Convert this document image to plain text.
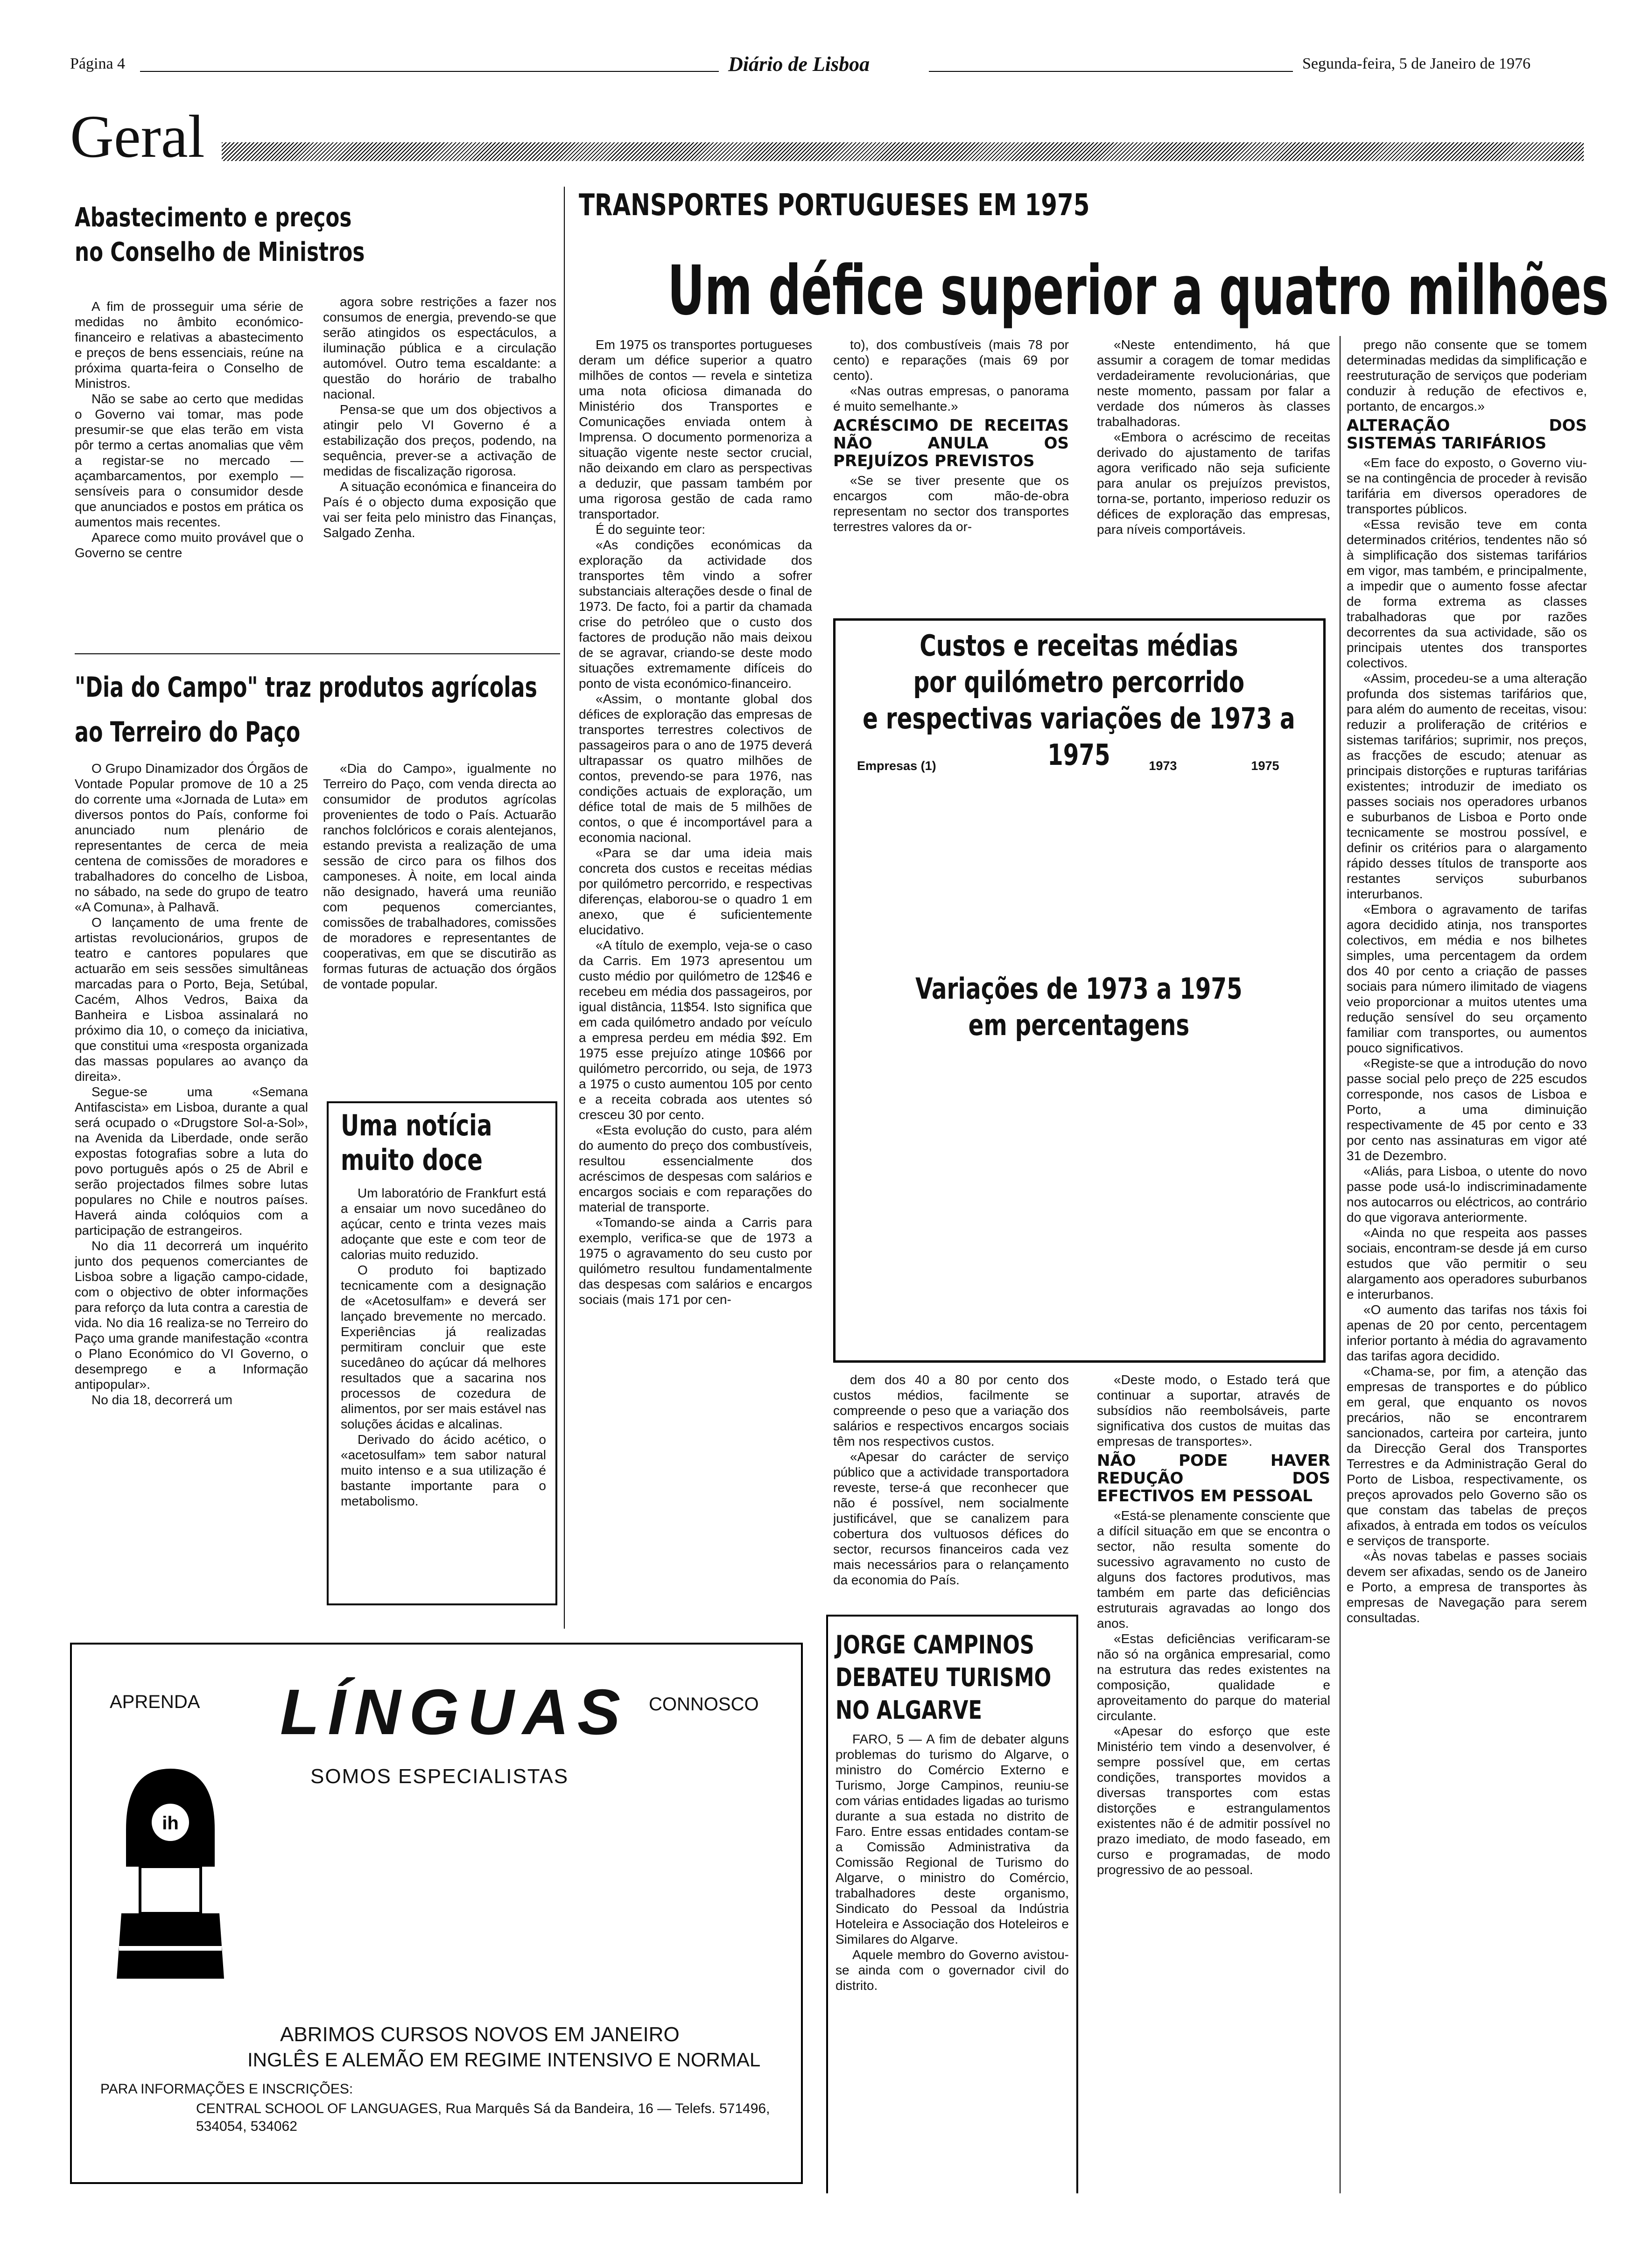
Página 4	Diário de Lisboa	Segunda-feira, 5 de Janeiro de 1976
Geral
Abastecimento e preços
no Conselho de Ministros

A fim de prosseguir uma série de medidas no âmbito económico-financeiro e relativas a abastecimento e preços de bens essenciais, reúne na próxima quarta-feira o Conselho de Ministros.

Não se sabe ao certo que medidas o Governo vai tomar, mas pode presumir-se que elas terão em vista pôr termo a certas anomalias que vêm a registar-se no mercado — açambarcamentos, por exemplo — sensíveis para o consumidor desde que anunciados e postos em prática os aumentos mais recentes.

Aparece como muito provável que o Governo se centre

agora sobre restrições a fazer nos consumos de energia, prevendo-se que serão atingidos os espectáculos, a iluminação pública e a circulação automóvel. Outro tema escaldante: a questão do horário de trabalho nacional.

Pensa-se que um dos objectivos a atingir pelo VI Governo é a estabilização dos preços, podendo, na sequência, prever-se a activação de medidas de fiscalização rigorosa.

A situação económica e financeira do País é o objecto duma exposição que vai ser feita pelo ministro das Finanças, Salgado Zenha.

"Dia do Campo" traz produtos agrícolas
ao Terreiro do Paço

O Grupo Dinamizador dos Órgãos de Vontade Popular promove de 10 a 25 do corrente uma «Jornada de Luta» em diversos pontos do País, conforme foi anunciado num plenário de representantes de cerca de meia centena de comissões de moradores e trabalhadores do concelho de Lisboa, no sábado, na sede do grupo de teatro «A Comuna», à Palhavã.

O lançamento de uma frente de artistas revolucionários, grupos de teatro e cantores populares que actuarão em seis sessões simultâneas marcadas para o Porto, Beja, Setúbal, Cacém, Alhos Vedros, Baixa da Banheira e Lisboa assinalará no próximo dia 10, o começo da iniciativa, que constitui uma «resposta organizada das massas populares ao avanço da direita».

Segue-se uma «Semana Antifascista» em Lisboa, durante a qual será ocupado o «Drugstore Sol-a-Sol», na Avenida da Liberdade, onde serão expostas fotografias sobre a luta do povo português após o 25 de Abril e serão projectados filmes sobre lutas populares no Chile e noutros países. Haverá ainda colóquios com a participação de estrangeiros.

No dia 11 decorrerá um inquérito junto dos pequenos comerciantes de Lisboa sobre a ligação campo-cidade, com o objectivo de obter informações para reforço da luta contra a carestia de vida. No dia 16 realiza-se no Terreiro do Paço uma grande manifestação «contra o Plano Económico do VI Governo, o desemprego e a Informação antipopular».

No dia 18, decorrerá um

«Dia do Campo», igualmente no Terreiro do Paço, com venda directa ao consumidor de produtos agrícolas provenientes de todo o País. Actuarão ranchos folclóricos e corais alentejanos, estando prevista a realização de uma sessão de circo para os filhos dos camponeses. À noite, em local ainda não designado, haverá uma reunião com pequenos comerciantes, comissões de trabalhadores, comissões de moradores e representantes de cooperativas, em que se discutirão as formas futuras de actuação dos órgãos de vontade popular.

Uma notícia
muito doce

Um laboratório de Frankfurt está a ensaiar um novo sucedâneo do açúcar, cento e trinta vezes mais adoçante que este e com teor de calorias muito reduzido.

O produto foi baptizado tecnicamente com a designação de «Acetosulfam» e deverá ser lançado brevemente no mercado. Experiências já realizadas permitiram concluir que este sucedâneo do açúcar dá melhores resultados que a sacarina nos processos de cozedura de alimentos, por ser mais estável nas soluções ácidas e alcalinas.

Derivado do ácido acético, o «acetosulfam» tem sabor natural muito intenso e a sua utilização é bastante importante para o metabolismo.

TRANSPORTES PORTUGUESES EM 1975
Um défice superior a quatro milhões

Em 1975 os transportes portugueses deram um défice superior a quatro milhões de contos — revela e sintetiza uma nota oficiosa dimanada do Ministério dos Transportes e Comunicações enviada ontem à Imprensa. O documento pormenoriza a situação vigente neste sector crucial, não deixando em claro as perspectivas a deduzir, que passam também por uma rigorosa gestão de cada ramo transportador.

É do seguinte teor:

«As condições económicas da exploração da actividade dos transportes têm vindo a sofrer substanciais alterações desde o final de 1973. De facto, foi a partir da chamada crise do petróleo que o custo dos factores de produção não mais deixou de se agravar, criando-se deste modo situações extremamente difíceis do ponto de vista económico-financeiro.

«Assim, o montante global dos défices de exploração das empresas de transportes terrestres colectivos de passageiros para o ano de 1975 deverá ultrapassar os quatro milhões de contos, prevendo-se para 1976, nas condições actuais de exploração, um défice total de mais de 5 milhões de contos, o que é incomportável para a economia nacional.

«Para se dar uma ideia mais concreta dos custos e receitas médias por quilómetro percorrido, e respectivas diferenças, elaborou-se o quadro 1 em anexo, que é suficientemente elucidativo.

«A título de exemplo, veja-se o caso da Carris. Em 1973 apresentou um custo médio por quilómetro de 12$46 e recebeu em média dos passageiros, por igual distância, 11$54. Isto significa que em cada quilómetro andado por veículo a empresa perdeu em média $92. Em 1975 esse prejuízo atinge 10$66 por quilómetro percorrido, ou seja, de 1973 a 1975 o custo aumentou 105 por cento e a receita cobrada aos utentes só cresceu 30 por cento.

«Esta evolução do custo, para além do aumento do preço dos combustíveis, resultou essencialmente dos acréscimos de despesas com salários e encargos sociais e com reparações do material de transporte.

«Tomando-se ainda a Carris para exemplo, verifica-se que de 1973 a 1975 o agravamento do seu custo por quilómetro resultou fundamentalmente das despesas com salários e encargos sociais (mais 171 por cen-

to), dos combustíveis (mais 78 por cento) e reparações (mais 69 por cento).

«Nas outras empresas, o panorama é muito semelhante.»

ACRÉSCIMO DE RECEITAS NÃO ANULA OS PREJUÍZOS PREVISTOS

«Se se tiver presente que os encargos com mão-de-obra representam no sector dos transportes terrestres valores da or-

«Neste entendimento, há que assumir a coragem de tomar medidas verdadeiramente revolucionárias, que neste momento, passam por falar a verdade dos números às classes trabalhadoras.

«Embora o acréscimo de receitas derivado do ajustamento de tarifas agora verificado não seja suficiente para anular os prejuízos previstos, torna-se, portanto, imperioso reduzir os défices de exploração das empresas, para níveis comportáveis.

Custos e receitas médias
por quilómetro percorrido
e respectivas variações de 1973 a 1975
Empresas (1)	1973	1975
Variações de 1973 a 1975
em percentagens

dem dos 40 a 80 por cento dos custos médios, facilmente se compreende o peso que a variação dos salários e respectivos encargos sociais têm nos respectivos custos.

«Apesar do carácter de serviço público que a actividade transportadora reveste, terse-á que reconhecer que não é possível, nem socialmente justificável, que se canalizem para cobertura dos vultuosos défices do sector, recursos financeiros cada vez mais necessários para o relançamento da economia do País.

«Deste modo, o Estado terá que continuar a suportar, através de subsídios não reembolsáveis, parte significativa dos custos de muitas das empresas de transportes».

NÃO PODE HAVER REDUÇÃO DOS EFECTIVOS EM PESSOAL

«Está-se plenamente consciente que a difícil situação em que se encontra o sector, não resulta somente do sucessivo agravamento no custo de alguns dos factores produtivos, mas também em parte das deficiências estruturais agravadas ao longo dos anos.

«Estas deficiências verificaram-se não só na orgânica empresarial, como na estrutura das redes existentes na composição, qualidade e aproveitamento do parque do material circulante.

«Apesar do esforço que este Ministério tem vindo a desenvolver, é sempre possível que, em certas condições, transportes movidos a diversas transportes com estas distorções e estrangulamentos existentes não é de admitir possível no prazo imediato, de modo faseado, em curso e programadas, de modo progressivo de ao pessoal.

prego não consente que se tomem determinadas medidas da simplificação e reestruturação de serviços que poderiam conduzir à redução de efectivos e, portanto, de encargos.»

ALTERAÇÃO DOS SISTEMAS TARIFÁRIOS

«Em face do exposto, o Governo viu-se na contingência de proceder à revisão tarifária em diversos operadores de transportes públicos.

«Essa revisão teve em conta determinados critérios, tendentes não só à simplificação dos sistemas tarifários em vigor, mas também, e principalmente, a impedir que o aumento fosse afectar de forma extrema as classes trabalhadoras que por razões decorrentes da sua actividade, são os principais utentes dos transportes colectivos.

«Assim, procedeu-se a uma alteração profunda dos sistemas tarifários que, para além do aumento de receitas, visou: reduzir a proliferação de critérios e sistemas tarifários; suprimir, nos preços, as fracções de escudo; atenuar as principais distorções e rupturas tarifárias existentes; introduzir de imediato os passes sociais nos operadores urbanos e suburbanos de Lisboa e Porto onde tecnicamente se mostrou possível, e definir os critérios para o alargamento rápido desses títulos de transporte aos restantes serviços suburbanos interurbanos.

«Embora o agravamento de tarifas agora decidido atinja, nos transportes colectivos, em média e nos bilhetes simples, uma percentagem da ordem dos 40 por cento a criação de passes sociais para número ilimitado de viagens veio proporcionar a muitos utentes uma redução sensível do seu orçamento familiar com transportes, ou aumentos pouco significativos.

«Registe-se que a introdução do novo passe social pelo preço de 225 escudos corresponde, nos casos de Lisboa e Porto, a uma diminuição respectivamente de 45 por cento e 33 por cento nas assinaturas em vigor até 31 de Dezembro.

«Aliás, para Lisboa, o utente do novo passe pode usá-lo indiscriminadamente nos autocarros ou eléctricos, ao contrário do que vigorava anteriormente.

«Ainda no que respeita aos passes sociais, encontram-se desde já em curso estudos que vão permitir o seu alargamento aos operadores suburbanos e interurbanos.

«O aumento das tarifas nos táxis foi apenas de 20 por cento, percentagem inferior portanto à média do agravamento das tarifas agora decidido.

«Chama-se, por fim, a atenção das empresas de transportes e do público em geral, que enquanto os novos precários, não se encontrarem sancionados, carteira por carteira, junto da Direcção Geral dos Transportes Terrestres e da Administração Geral do Porto de Lisboa, respectivamente, os preços aprovados pelo Governo são os que constam das tabelas de preços afixados, à entrada em todos os veículos e serviços de transporte.

«Às novas tabelas e passes sociais devem ser afixadas, sendo os de Janeiro e Porto, a empresa de transportes às empresas de Navegação para serem consultadas.

JORGE CAMPINOS
DEBATEU TURISMO
NO ALGARVE

FARO, 5 — A fim de debater alguns problemas do turismo do Algarve, o ministro do Comércio Externo e Turismo, Jorge Campinos, reuniu-se com várias entidades ligadas ao turismo durante a sua estada no distrito de Faro. Entre essas entidades contam-se a Comissão Administrativa da Comissão Regional de Turismo do Algarve, o ministro do Comércio, trabalhadores deste organismo, Sindicato do Pessoal da Indústria Hoteleira e Associação dos Hoteleiros e Similares do Algarve.

Aquele membro do Governo avistou-se ainda com o governador civil do distrito.

APRENDA LÍNGUAS CONNOSCO
SOMOS ESPECIALISTAS
ih
ABRIMOS CURSOS NOVOS EM JANEIRO
INGLÊS E ALEMÃO EM REGIME INTENSIVO E NORMAL
PARA INFORMAÇÕES E INSCRIÇÕES:
CENTRAL SCHOOL OF LANGUAGES, Rua Marquês Sá da Bandeira, 16 — Telefs. 571496, 534054, 534062
